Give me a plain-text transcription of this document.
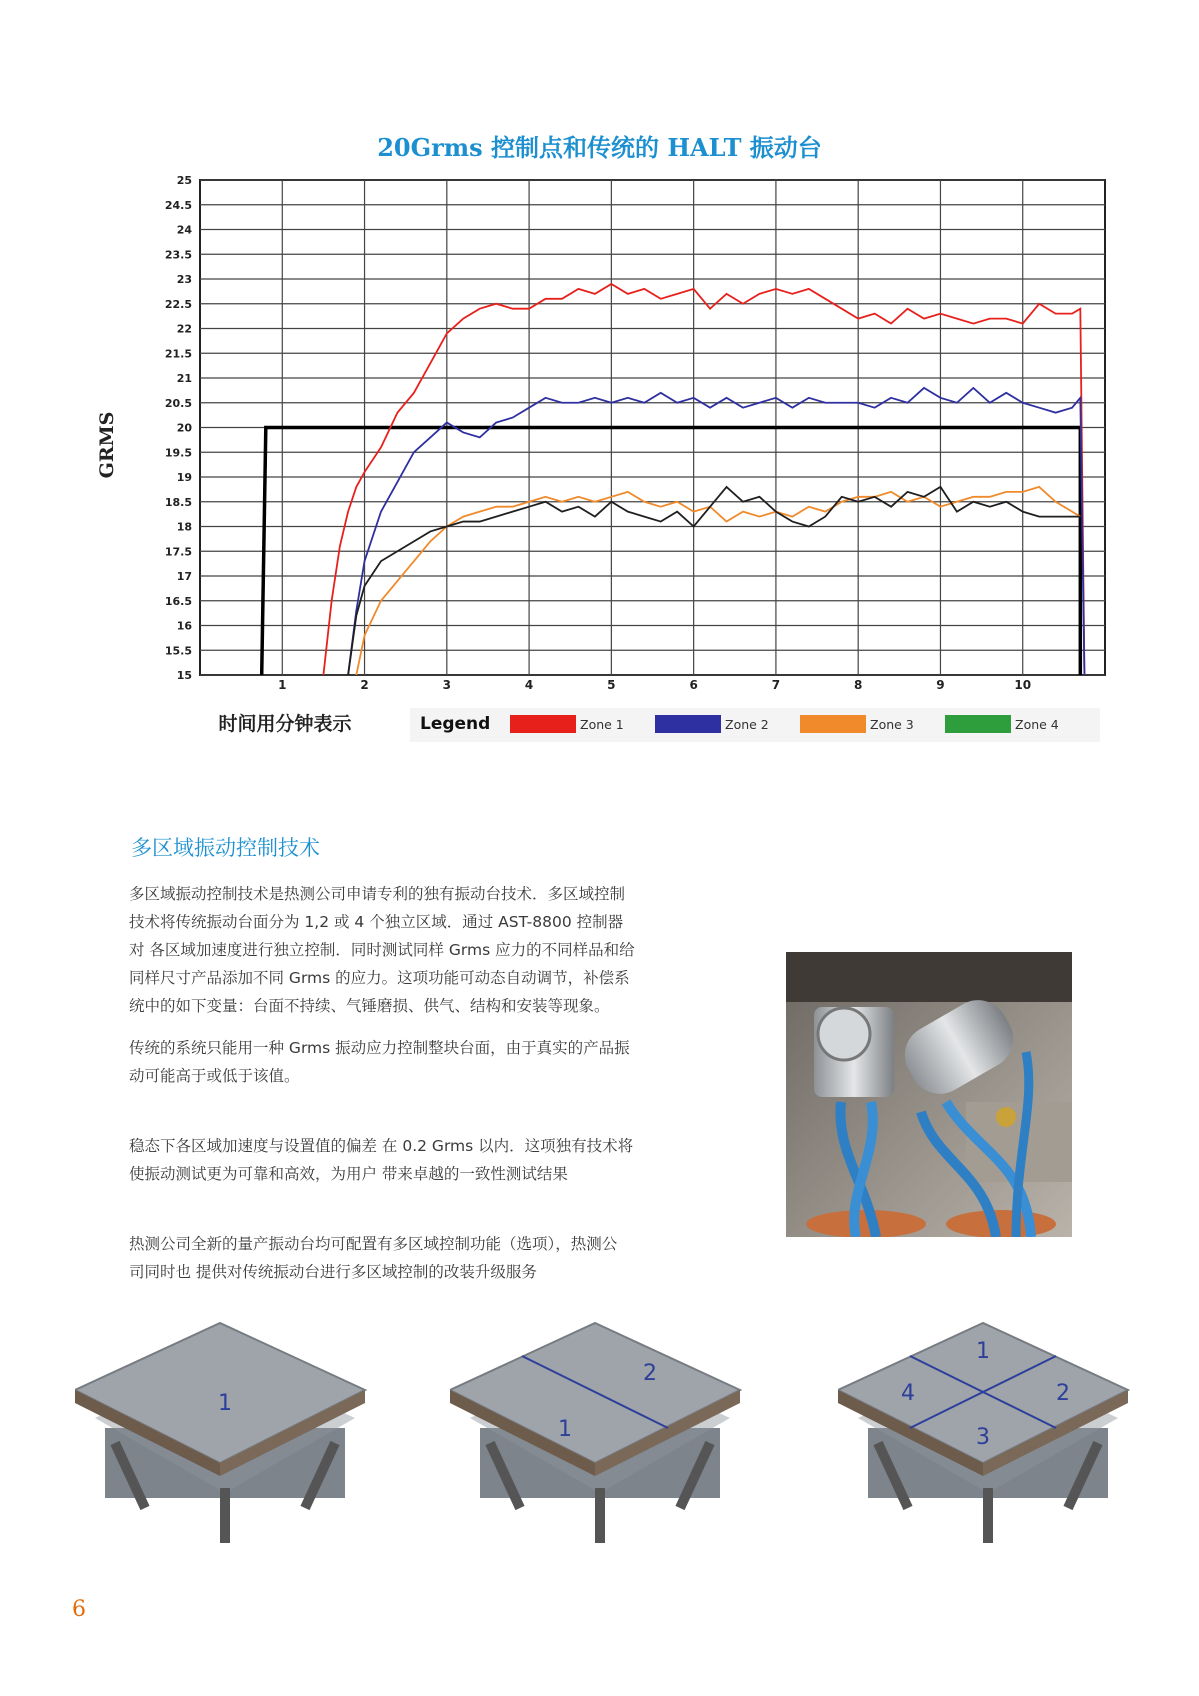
20Grms 控制点和传统的 HALT 振动台
GRMS
15
15.5
16
16.5
17
17.5
18
18.5
19
19.5
20
20.5
21
21.5
22
22.5
23
23.5
24
24.5
25
1	2	3	4	5	6	7	8	9	10
时间用分钟表示	Legend	Zone 1	Zone 2	Zone 3	Zone 4
多区域振动控制技术
多区域振动控制技术是热测公司申请专利的独有振动台技术．多区域控制
技术将传统振动台面分为 1,2 或 4 个独立区域．通过 AST-8800 控制器
对 各区域加速度进行独立控制．同时测试同样 Grms 应力的不同样品和给
同样尺寸产品添加不同 Grms 的应力。这项功能可动态自动调节，补偿系
统中的如下变量：台面不持续、气锤磨损、供气、结构和安装等现象。
传统的系统只能用一种 Grms 振动应力控制整块台面，由于真实的产品振
动可能高于或低于该值。
稳态下各区域加速度与设置值的偏差 在 0.2 Grms 以内．这项独有技术将
使振动测试更为可靠和高效，为用户 带来卓越的一致性测试结果
热测公司全新的量产振动台均可配置有多区域控制功能（选项），热测公
司同时也 提供对传统振动台进行多区域控制的改装升级服务
1
1
2
1
2
3
4
6
